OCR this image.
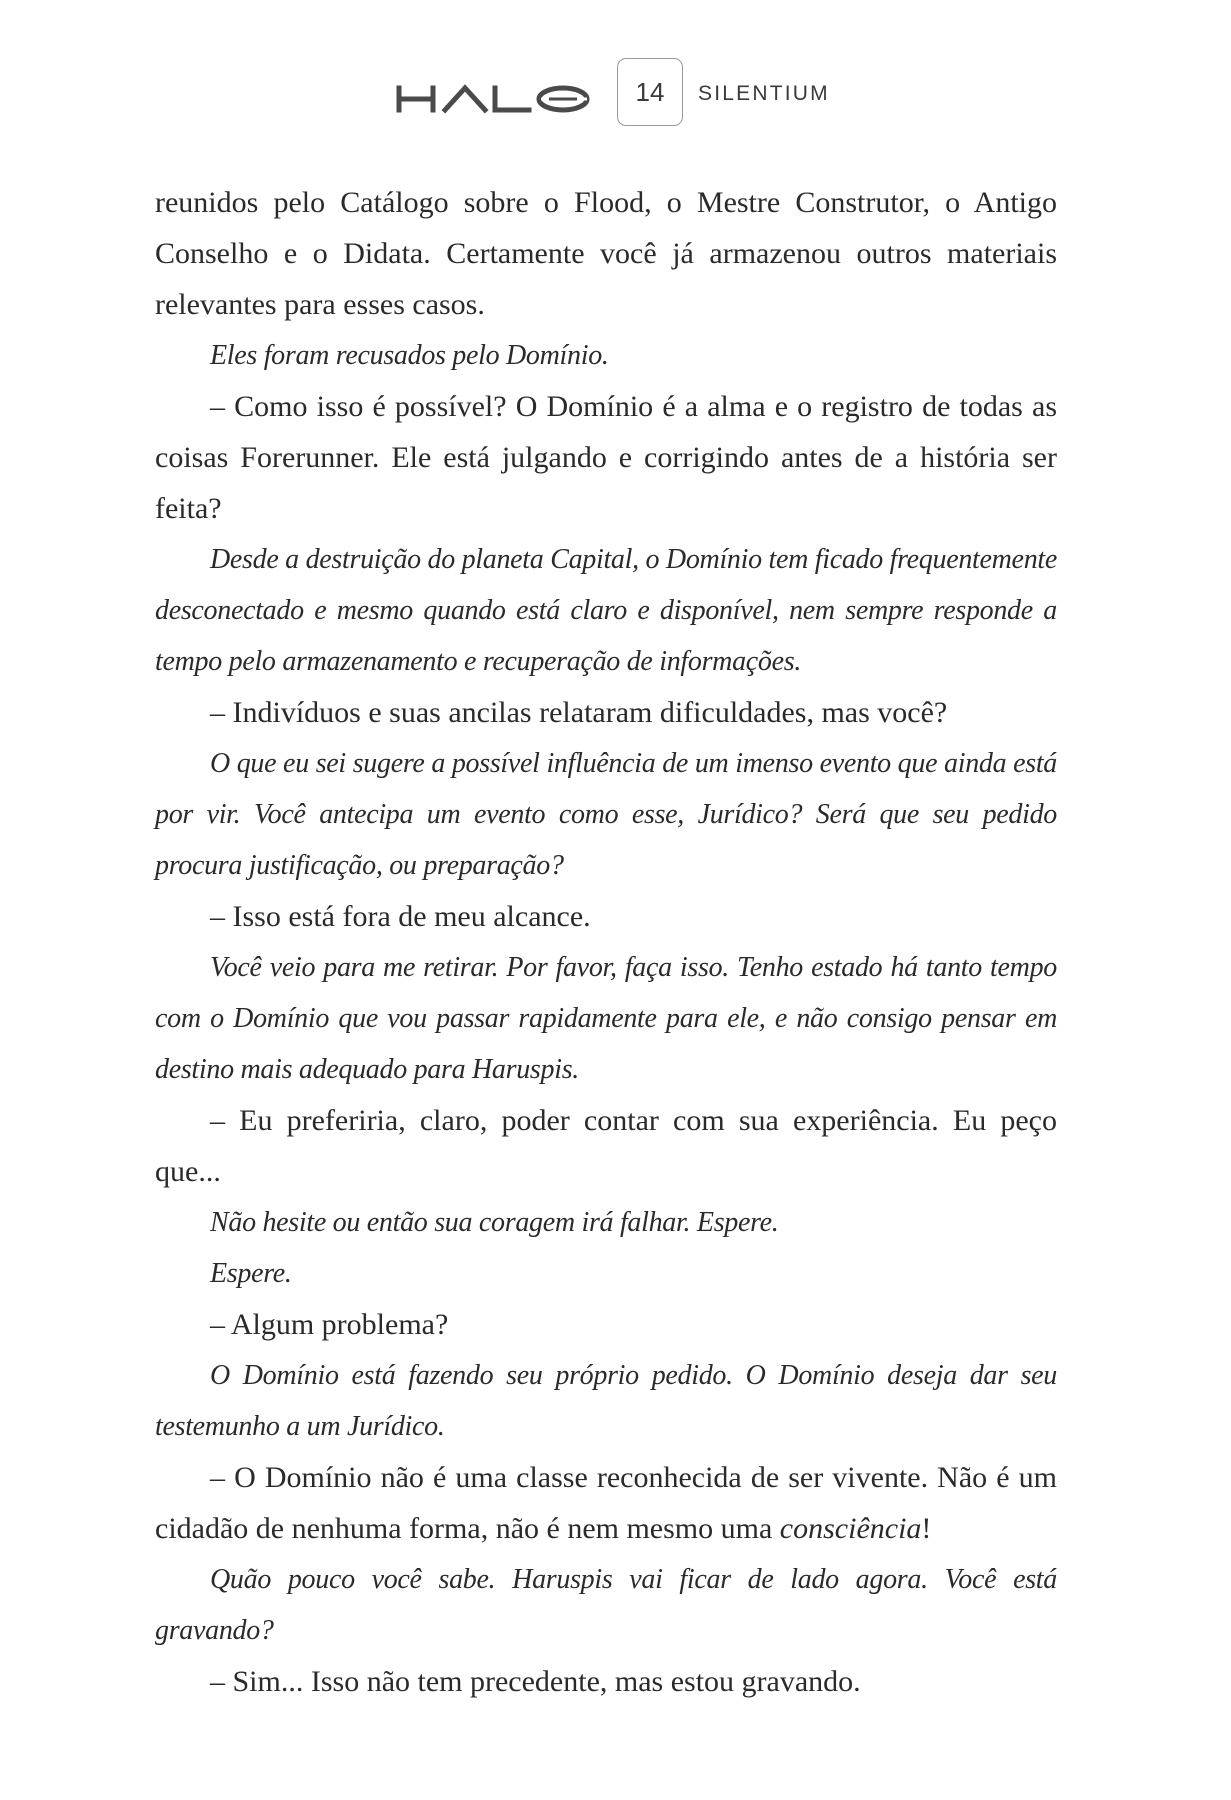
14 SILENTIUM

reunidos pelo Catálogo sobre o Flood, o Mestre Construtor, o Antigo Conselho e o Didata. Certamente você já armazenou outros materiais relevantes para esses casos.

Eles foram recusados pelo Domínio.

– Como isso é possível? O Domínio é a alma e o registro de todas as coisas Forerunner. Ele está julgando e corrigindo antes de a história ser feita?

Desde a destruição do planeta Capital, o Domínio tem ficado frequentemente desconectado e mesmo quando está claro e disponível, nem sempre responde a tempo pelo armazenamento e recuperação de informações.

– Indivíduos e suas ancilas relataram dificuldades, mas você?

O que eu sei sugere a possível influência de um imenso evento que ainda está por vir. Você antecipa um evento como esse, Jurídico? Será que seu pedido procura justificação, ou preparação?

– Isso está fora de meu alcance.

Você veio para me retirar. Por favor, faça isso. Tenho estado há tanto tempo com o Domínio que vou passar rapidamente para ele, e não consigo pensar em destino mais adequado para Haruspis.

– Eu preferiria, claro, poder contar com sua experiência. Eu peço que...

Não hesite ou então sua coragem irá falhar. Espere.

Espere.

– Algum problema?

O Domínio está fazendo seu próprio pedido. O Domínio deseja dar seu testemunho a um Jurídico.

– O Domínio não é uma classe reconhecida de ser vivente. Não é um cidadão de nenhuma forma, não é nem mesmo uma consciência!

Quão pouco você sabe. Haruspis vai ficar de lado agora. Você está gravando?

– Sim... Isso não tem precedente, mas estou gravando.
